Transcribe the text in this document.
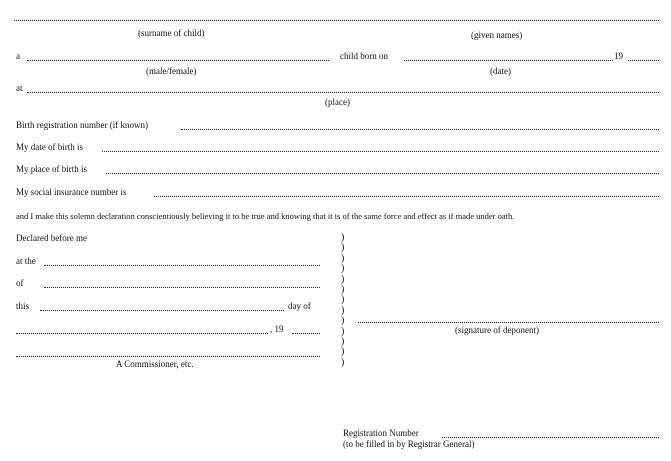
(surname of child)	(given names)
a
(male/female)
child born on	19
(date)
at
(place)
Birth registration number (if known)
My date of birth is
My place of birth is
My social insurance number is
and I make this solemn declaration conscientiously believing it to be true and knowing that it is of the same force and effect as if made under oath.
Declared before me
at the
of
this	day of
, 19
A Commissioner, etc.
)
)
)
)
)
)
)
)
)
)
)
)
)
(signature of deponent)
Registration Number
(to be filled in by Registrar General)
